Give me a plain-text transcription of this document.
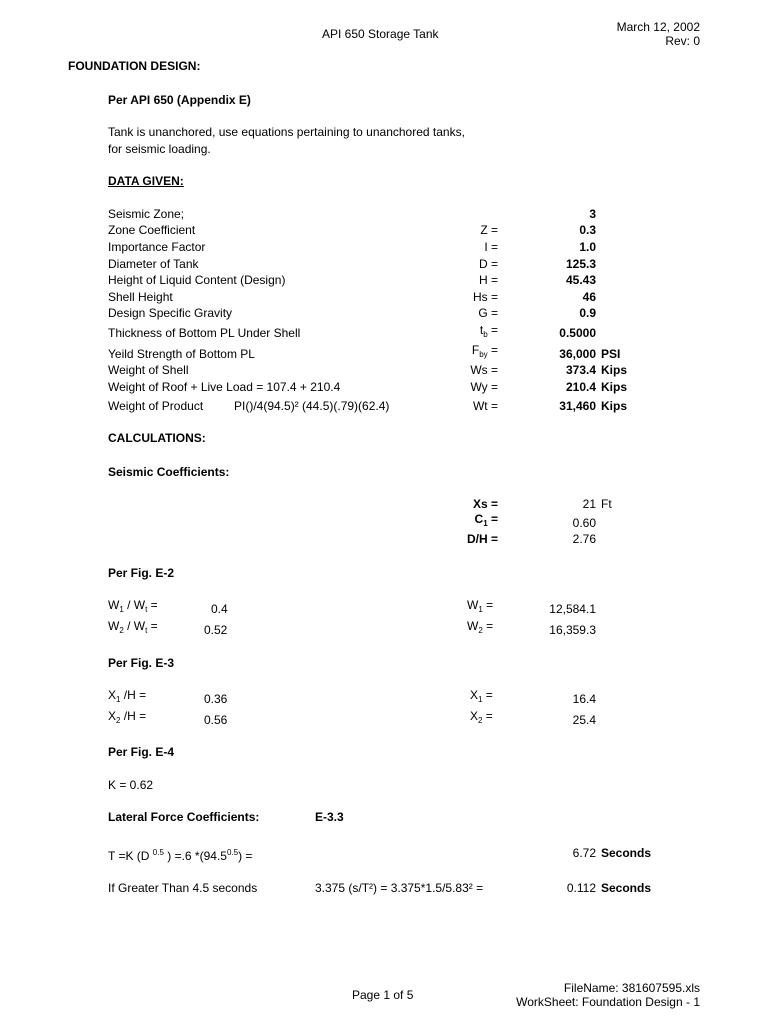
API 650 Storage Tank	March 12, 2002
Rev: 0
FOUNDATION DESIGN:
Per API 650 (Appendix E)
Tank is unanchored, use equations pertaining to unanchored tanks,
for seismic loading.
DATA GIVEN:
Seismic Zone;	3
Zone Coefficient	Z =	0.3
Importance Factor	I =	1.0
Diameter of Tank	D =	125.3
Height of Liquid Content (Design)	H =	45.43
Shell Height	Hs =	46
Design Specific Gravity	G =	0.9
Thickness of Bottom PL Under Shell	$t_b$ =	0.5000
Yeild Strength of Bottom PL	$F_{by}$ =	36,000 PSI
Weight of Shell	Ws =	373.4 Kips
Weight of Roof + Live Load = 107.4 + 210.4	Wy =	210.4 Kips
Weight of Product	PI()/4(94.5)² (44.5)(.79)(62.4)	Wt =	31,460 Kips
CALCULATIONS:
Seismic Coefficients:
Xs =	21 Ft
$C_1$ =	0.60
D/H =	2.76
Per Fig. E-2
$W_1 / W_t$ =	0.4
$W_2 / W_t$ =	0.52
$W_1$ =	12,584.1
$W_2$ =	16,359.3
Per Fig. E-3
$X_1$ /H =	0.36
$X_2$ /H =	0.56
$X_1$ =	16.4
$X_2$ =	25.4
Per Fig. E-4
K = 0.62
Lateral Force Coefficients:	E-3.3
T =K (D $^{0.5}$ ) =.6 $*(94.5^{0.5})$ =	6.72 Seconds
If Greater Than 4.5 seconds	3.375 (s/T²) = 3.375*1.5/5.83² =	0.112 Seconds
Page 1 of 5	FileName: 381607595.xls
WorkSheet: Foundation Design - 1
